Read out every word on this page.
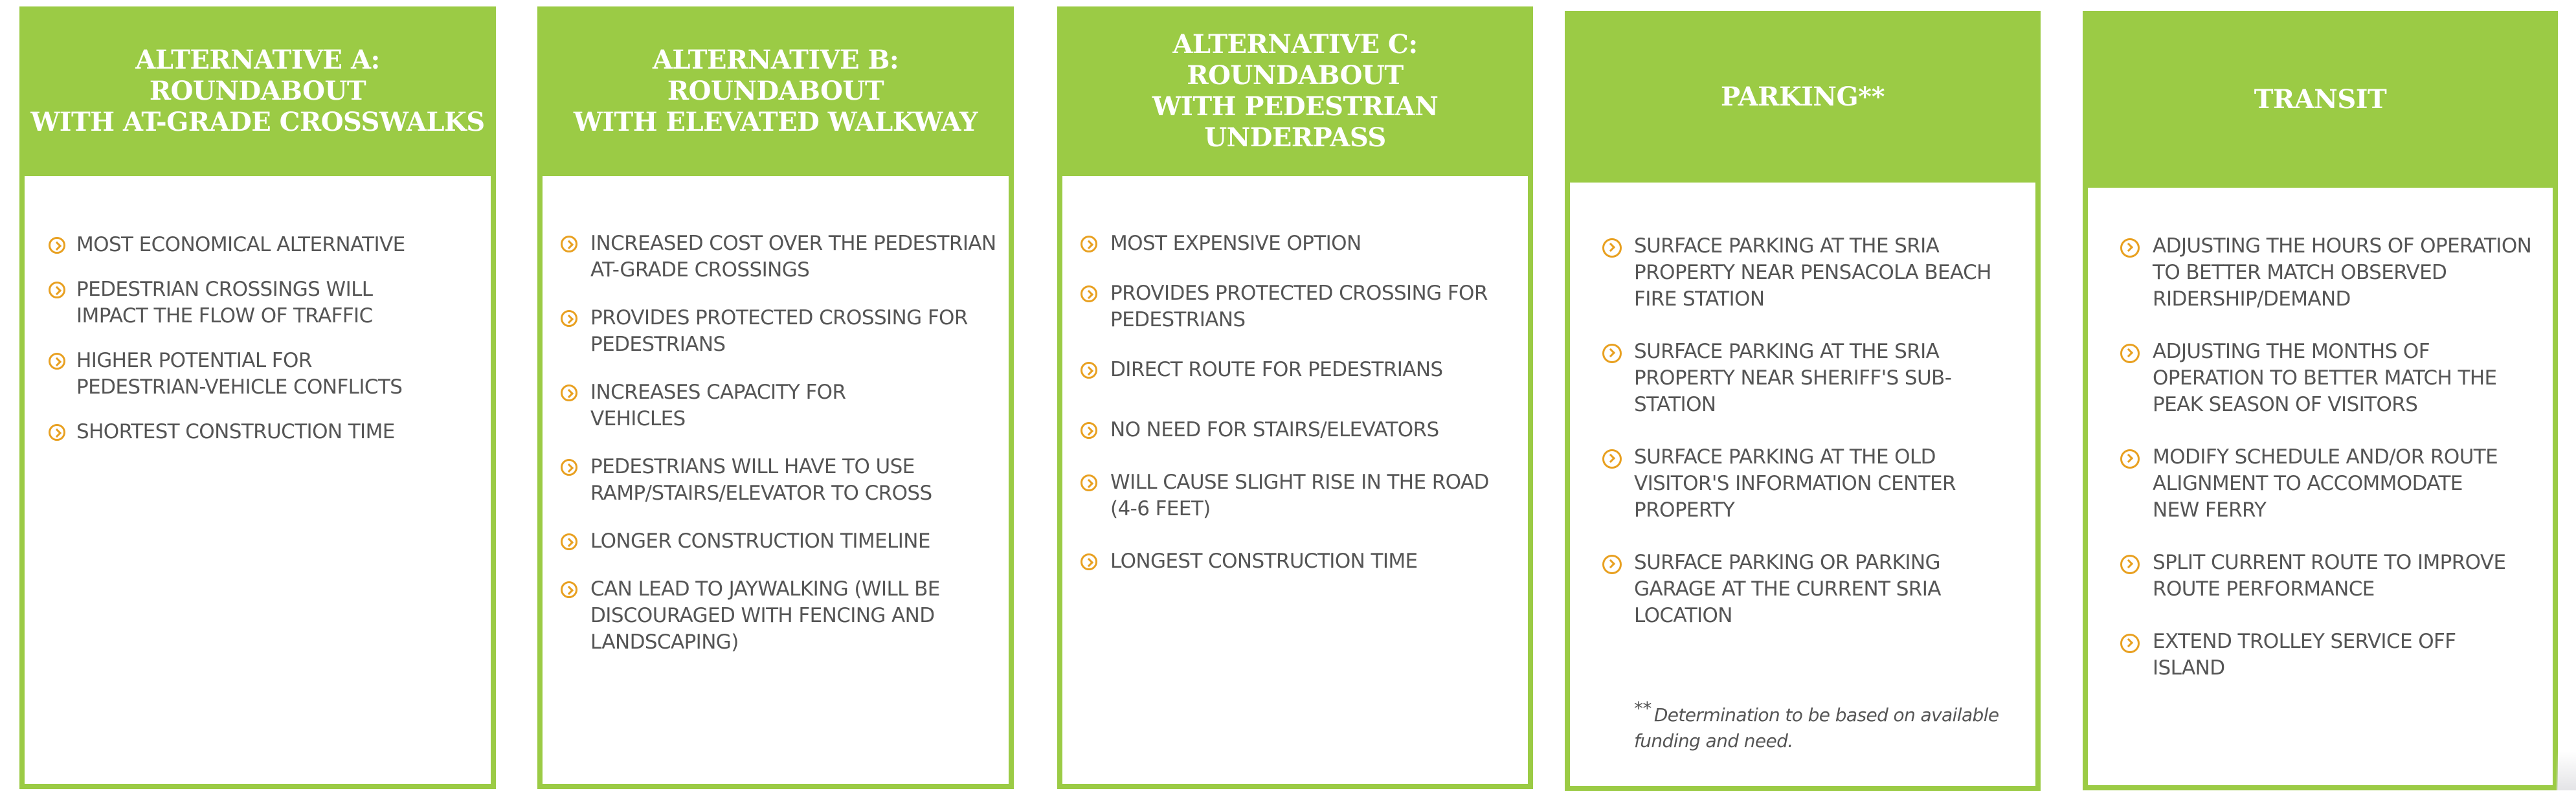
ALTERNATIVE A:
ROUNDABOUT
WITH AT-GRADE CROSSWALKS
MOST ECONOMICAL ALTERNATIVE
PEDESTRIAN CROSSINGS WILL IMPACT THE FLOW OF TRAFFIC
HIGHER POTENTIAL FOR PEDESTRIAN-VEHICLE CONFLICTS
SHORTEST CONSTRUCTION TIME
ALTERNATIVE B:
ROUNDABOUT
WITH ELEVATED WALKWAY
INCREASED COST OVER THE PEDESTRIAN AT-GRADE CROSSINGS
PROVIDES PROTECTED CROSSING FOR PEDESTRIANS
INCREASES CAPACITY FOR VEHICLES
PEDESTRIANS WILL HAVE TO USE RAMP/STAIRS/ELEVATOR TO CROSS
LONGER CONSTRUCTION TIMELINE
CAN LEAD TO JAYWALKING (WILL BE DISCOURAGED WITH FENCING AND LANDSCAPING)
ALTERNATIVE C:
ROUNDABOUT
WITH PEDESTRIAN UNDERPASS
MOST EXPENSIVE OPTION
PROVIDES PROTECTED CROSSING FOR PEDESTRIANS
DIRECT ROUTE FOR PEDESTRIANS
NO NEED FOR STAIRS/ELEVATORS
WILL CAUSE SLIGHT RISE IN THE ROAD (4-6 FEET)
LONGEST CONSTRUCTION TIME
PARKING**
SURFACE PARKING AT THE SRIA PROPERTY NEAR PENSACOLA BEACH FIRE STATION
SURFACE PARKING AT THE SRIA PROPERTY NEAR SHERIFF'S SUB-STATION
SURFACE PARKING AT THE OLD VISITOR'S INFORMATION CENTER PROPERTY
SURFACE PARKING OR PARKING GARAGE AT THE CURRENT SRIA LOCATION

** Determination to be based on available funding and need.

TRANSIT
ADJUSTING THE HOURS OF OPERATION TO BETTER MATCH OBSERVED RIDERSHIP/DEMAND
ADJUSTING THE MONTHS OF OPERATION TO BETTER MATCH THE PEAK SEASON OF VISITORS
MODIFY SCHEDULE AND/OR ROUTE ALIGNMENT TO ACCOMMODATE NEW FERRY
SPLIT CURRENT ROUTE TO IMPROVE ROUTE PERFORMANCE
EXTEND TROLLEY SERVICE OFF ISLAND
